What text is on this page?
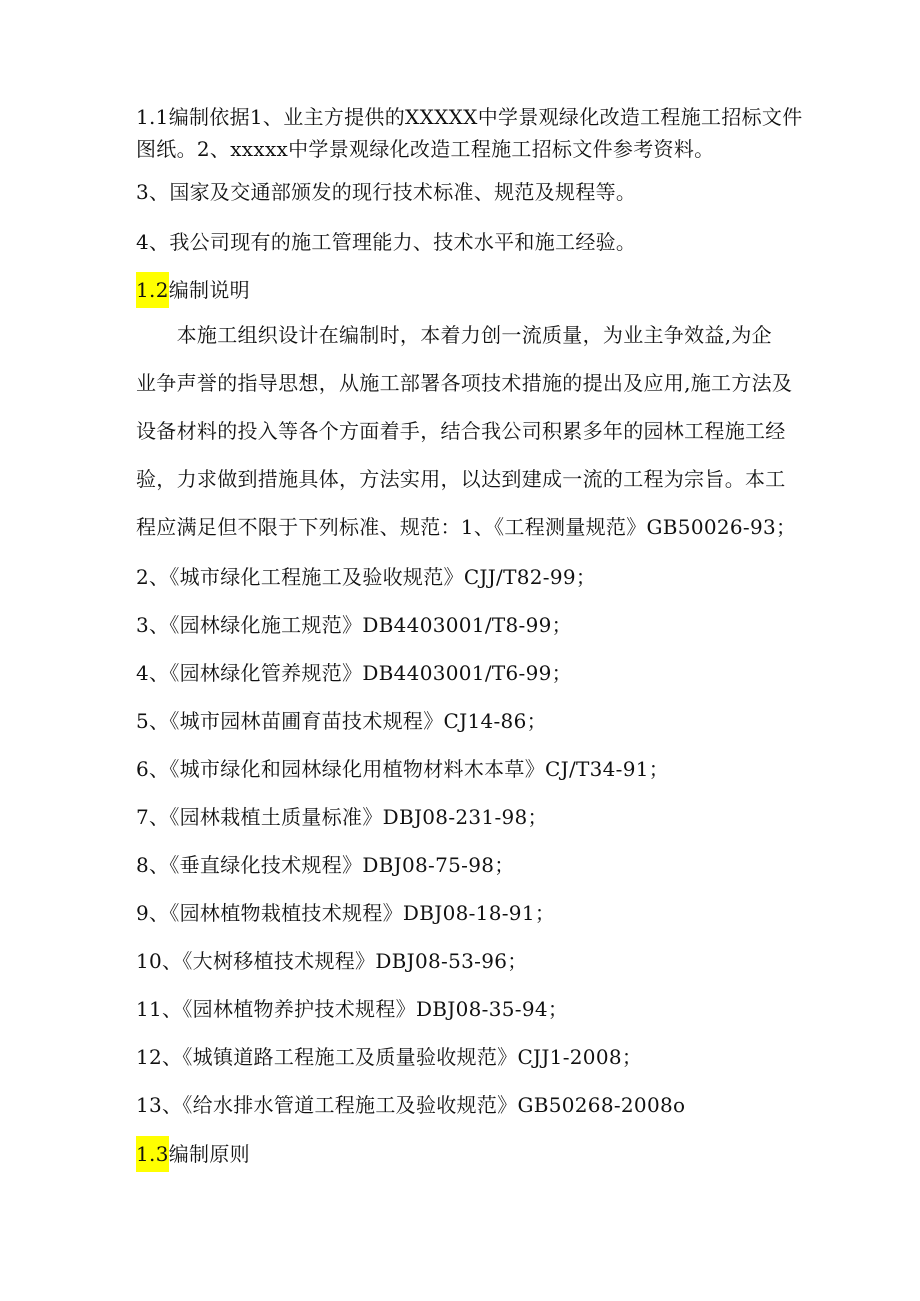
1.1编制依据1、业主方提供的XXXXX中学景观绿化改造工程施工招标文件
图纸。2、xxxxx中学景观绿化改造工程施工招标文件参考资料。
3、国家及交通部颁发的现行技术标准、规范及规程等。
4、我公司现有的施工管理能力、技术水平和施工经验。
1.2编制说明

　　本施工组织设计在编制时，本着力创一流质量，为业主争效益,为企

业争声誉的指导思想，从施工部署各项技术措施的提出及应用,施工方法及

设备材料的投入等各个方面着手，结合我公司积累多年的园林工程施工经

验，力求做到措施具体，方法实用，以达到建成一流的工程为宗旨。本工

程应满足但不限于下列标准、规范：1、《工程测量规范》GB50026-93；

2、《城市绿化工程施工及验收规范》CJJ/T82-99；
3、《园林绿化施工规范》DB4403001/T8-99；
4、《园林绿化管养规范》DB4403001/T6-99；
5、《城市园林苗圃育苗技术规程》CJ14-86；
6、《城市绿化和园林绿化用植物材料木本草》CJ/T34-91；
7、《园林栽植土质量标准》DBJ08-231-98；
8、《垂直绿化技术规程》DBJ08-75-98；
9、《园林植物栽植技术规程》DBJ08-18-91；
10、《大树移植技术规程》DBJ08-53-96；
11、《园林植物养护技术规程》DBJ08-35-94；
12、《城镇道路工程施工及质量验收规范》CJJ1-2008；
13、《给水排水管道工程施工及验收规范》GB50268-2008o
1.3编制原则
